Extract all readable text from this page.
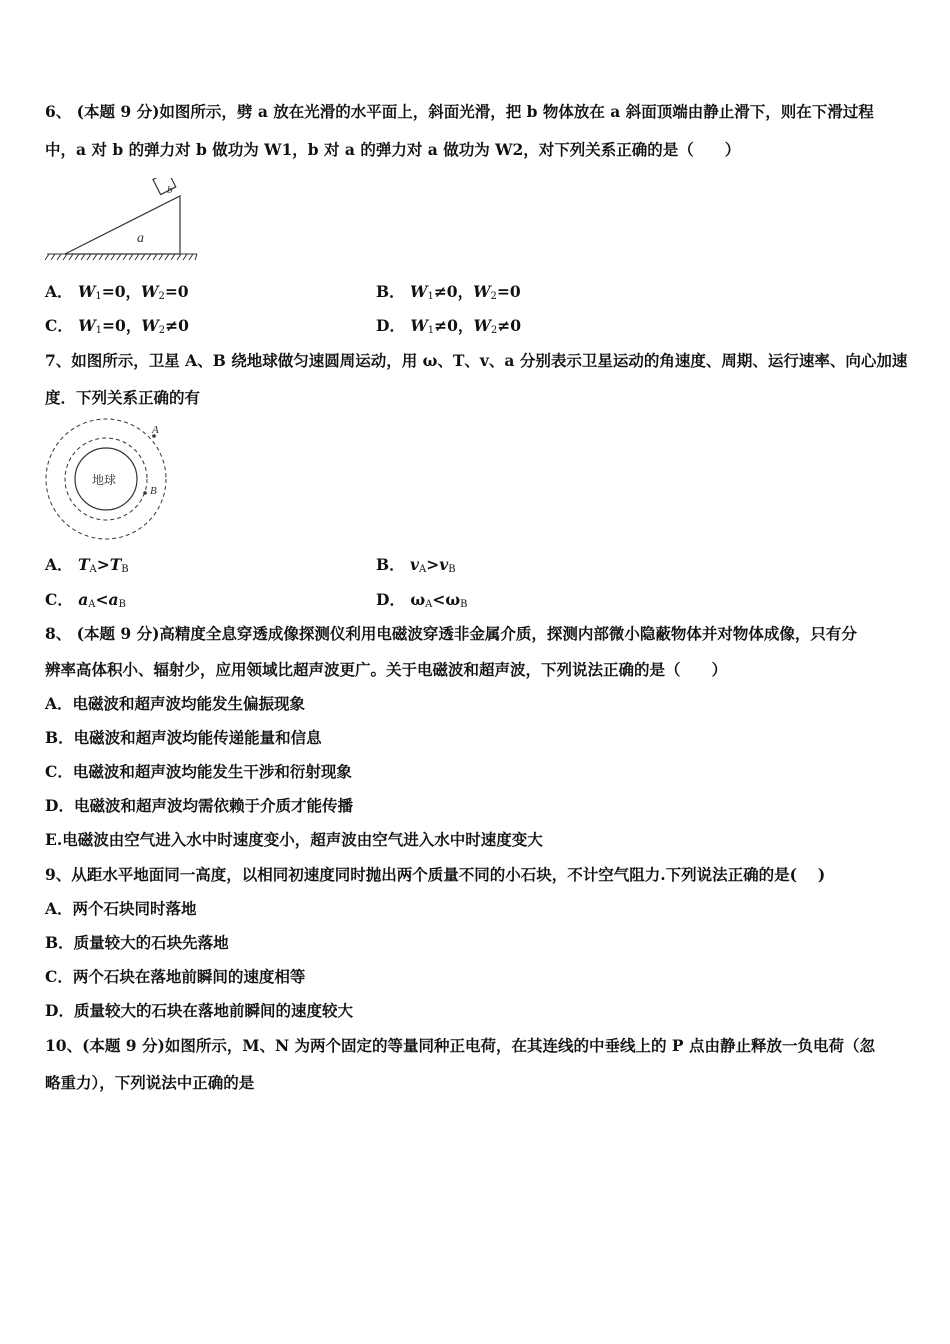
6、 (本题 9 分)如图所示，劈 a 放在光滑的水平面上，斜面光滑，把 b 物体放在 a 斜面顶端由静止滑下，则在下滑过程
中，a 对 b 的弹力对 b 做功为 W1，b 对 a 的弹力对 a 做功为 W2，对下列关系正确的是（　　）
a
b
A． $W_1=0$，$W_2=0$	B． $W_1\ne 0$，$W_2=0$
C． $W_1=0$，$W_2\ne 0$	D． $W_1\ne 0$，$W_2\ne 0$
7、如图所示，卫星 A、B 绕地球做匀速圆周运动，用 ω、T、v、a 分别表示卫星运动的角速度、周期、运行速率、向心加速
度．下列关系正确的有
地球
A
B
A． $T_A>T_B$	B． $v_A>v_B$
C． $a_A<a_B$	D． $\omega_A<\omega_B$
8、 (本题 9 分)高精度全息穿透成像探测仪利用电磁波穿透非金属介质，探测内部微小隐蔽物体并对物体成像，只有分
辨率高体积小、辐射少，应用领域比超声波更广。关于电磁波和超声波，下列说法正确的是（　　）
A．电磁波和超声波均能发生偏振现象
B．电磁波和超声波均能传递能量和信息
C．电磁波和超声波均能发生干涉和衍射现象
D．电磁波和超声波均需依赖于介质才能传播
E.电磁波由空气进入水中时速度变小，超声波由空气进入水中时速度变大
9、从距水平地面同一高度，以相同初速度同时抛出两个质量不同的小石块，不计空气阻力.下列说法正确的是(　 )
A．两个石块同时落地
B．质量较大的石块先落地
C．两个石块在落地前瞬间的速度相等
D．质量较大的石块在落地前瞬间的速度较大
10、(本题 9 分)如图所示，M、N 为两个固定的等量同种正电荷，在其连线的中垂线上的 P 点由静止释放一负电荷（忽
略重力），下列说法中正确的是
